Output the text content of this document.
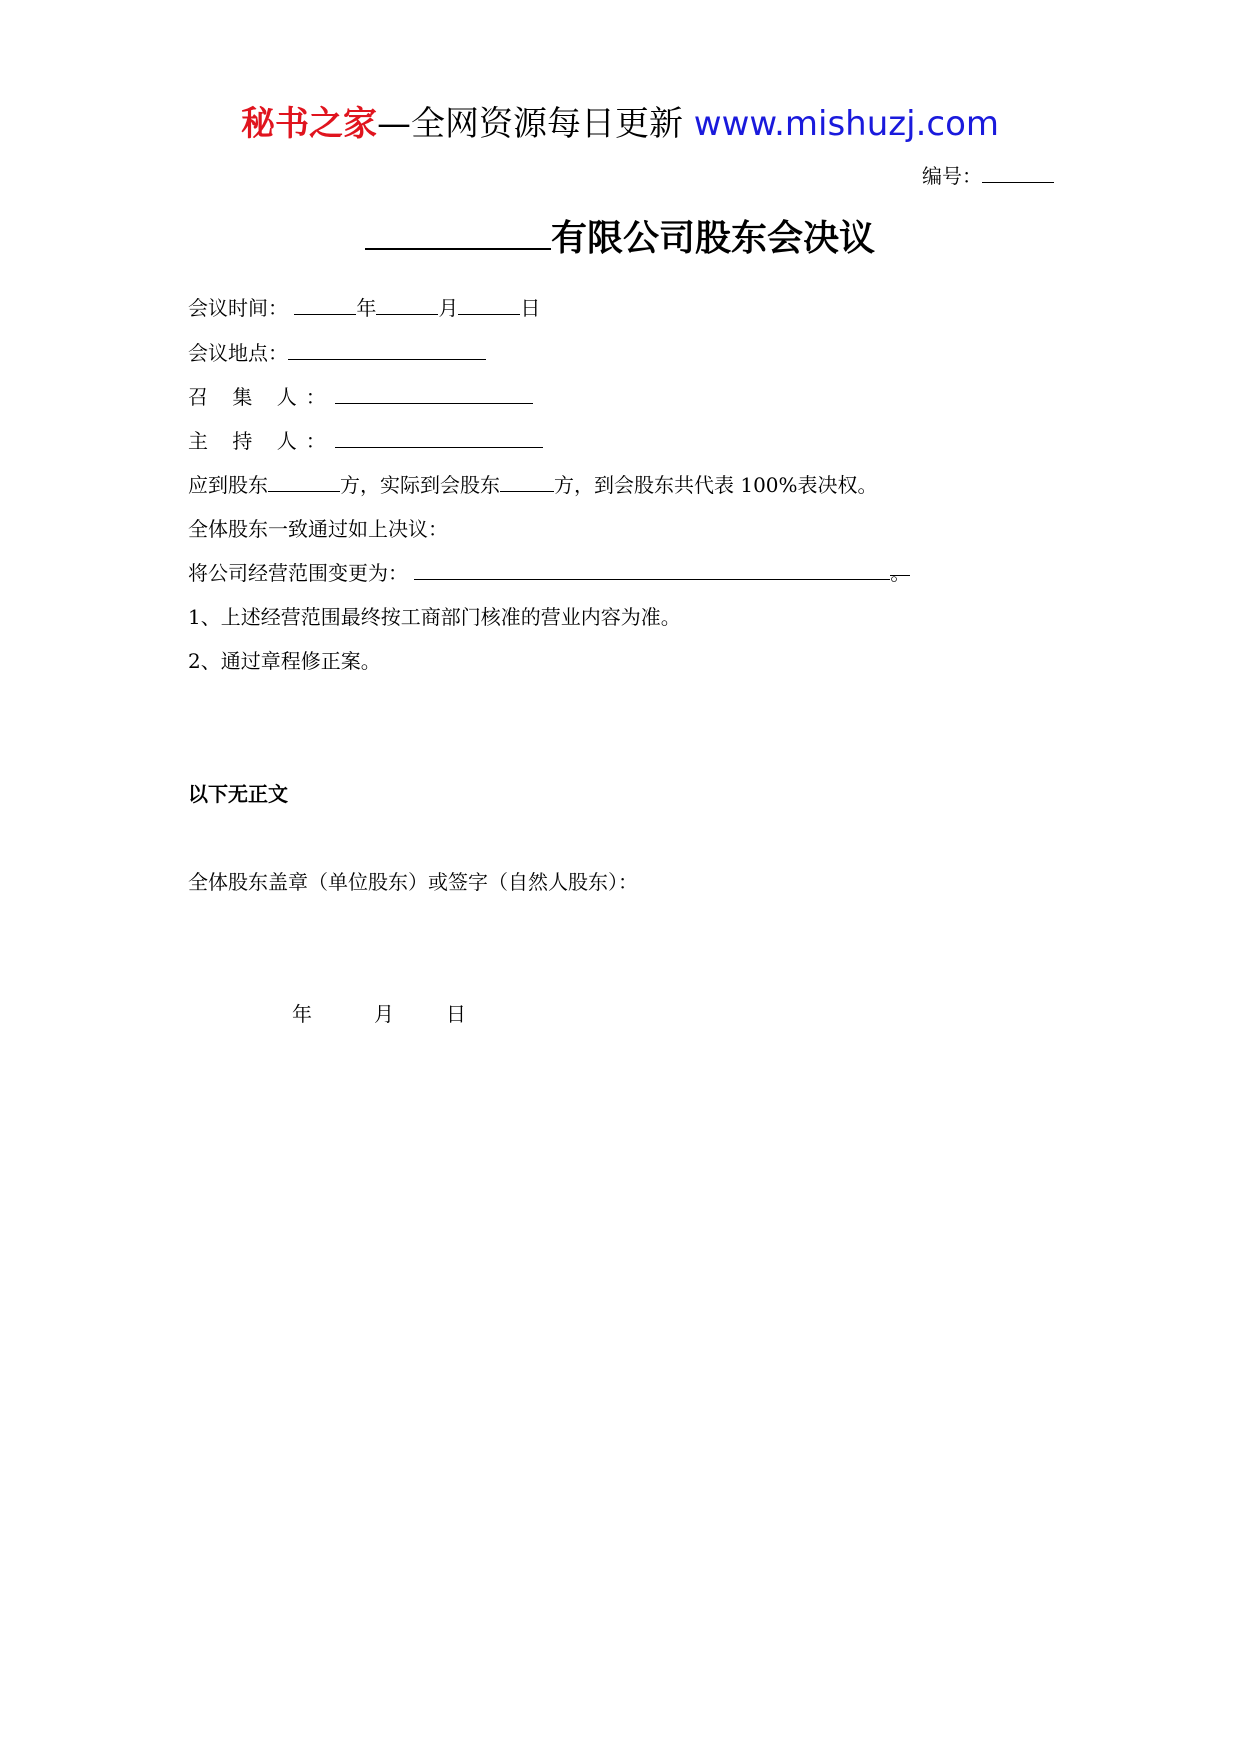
秘书之家—全网资源每日更新 www.mishuzj.com
编号：
有限公司股东会决议
会议时间：	年	月	日
会议地点：
召 集 人：
主 持 人：
应到股东	方，实际到会股东	方，到会股东共代表 100%表决权。
全体股东一致通过如上决议：
将公司经营范围变更为：	。
1、上述经营范围最终按工商部门核准的营业内容为准。
2、通过章程修正案。
以下无正文
全体股东盖章（单位股东）或签字（自然人股东）：
年	月	日
